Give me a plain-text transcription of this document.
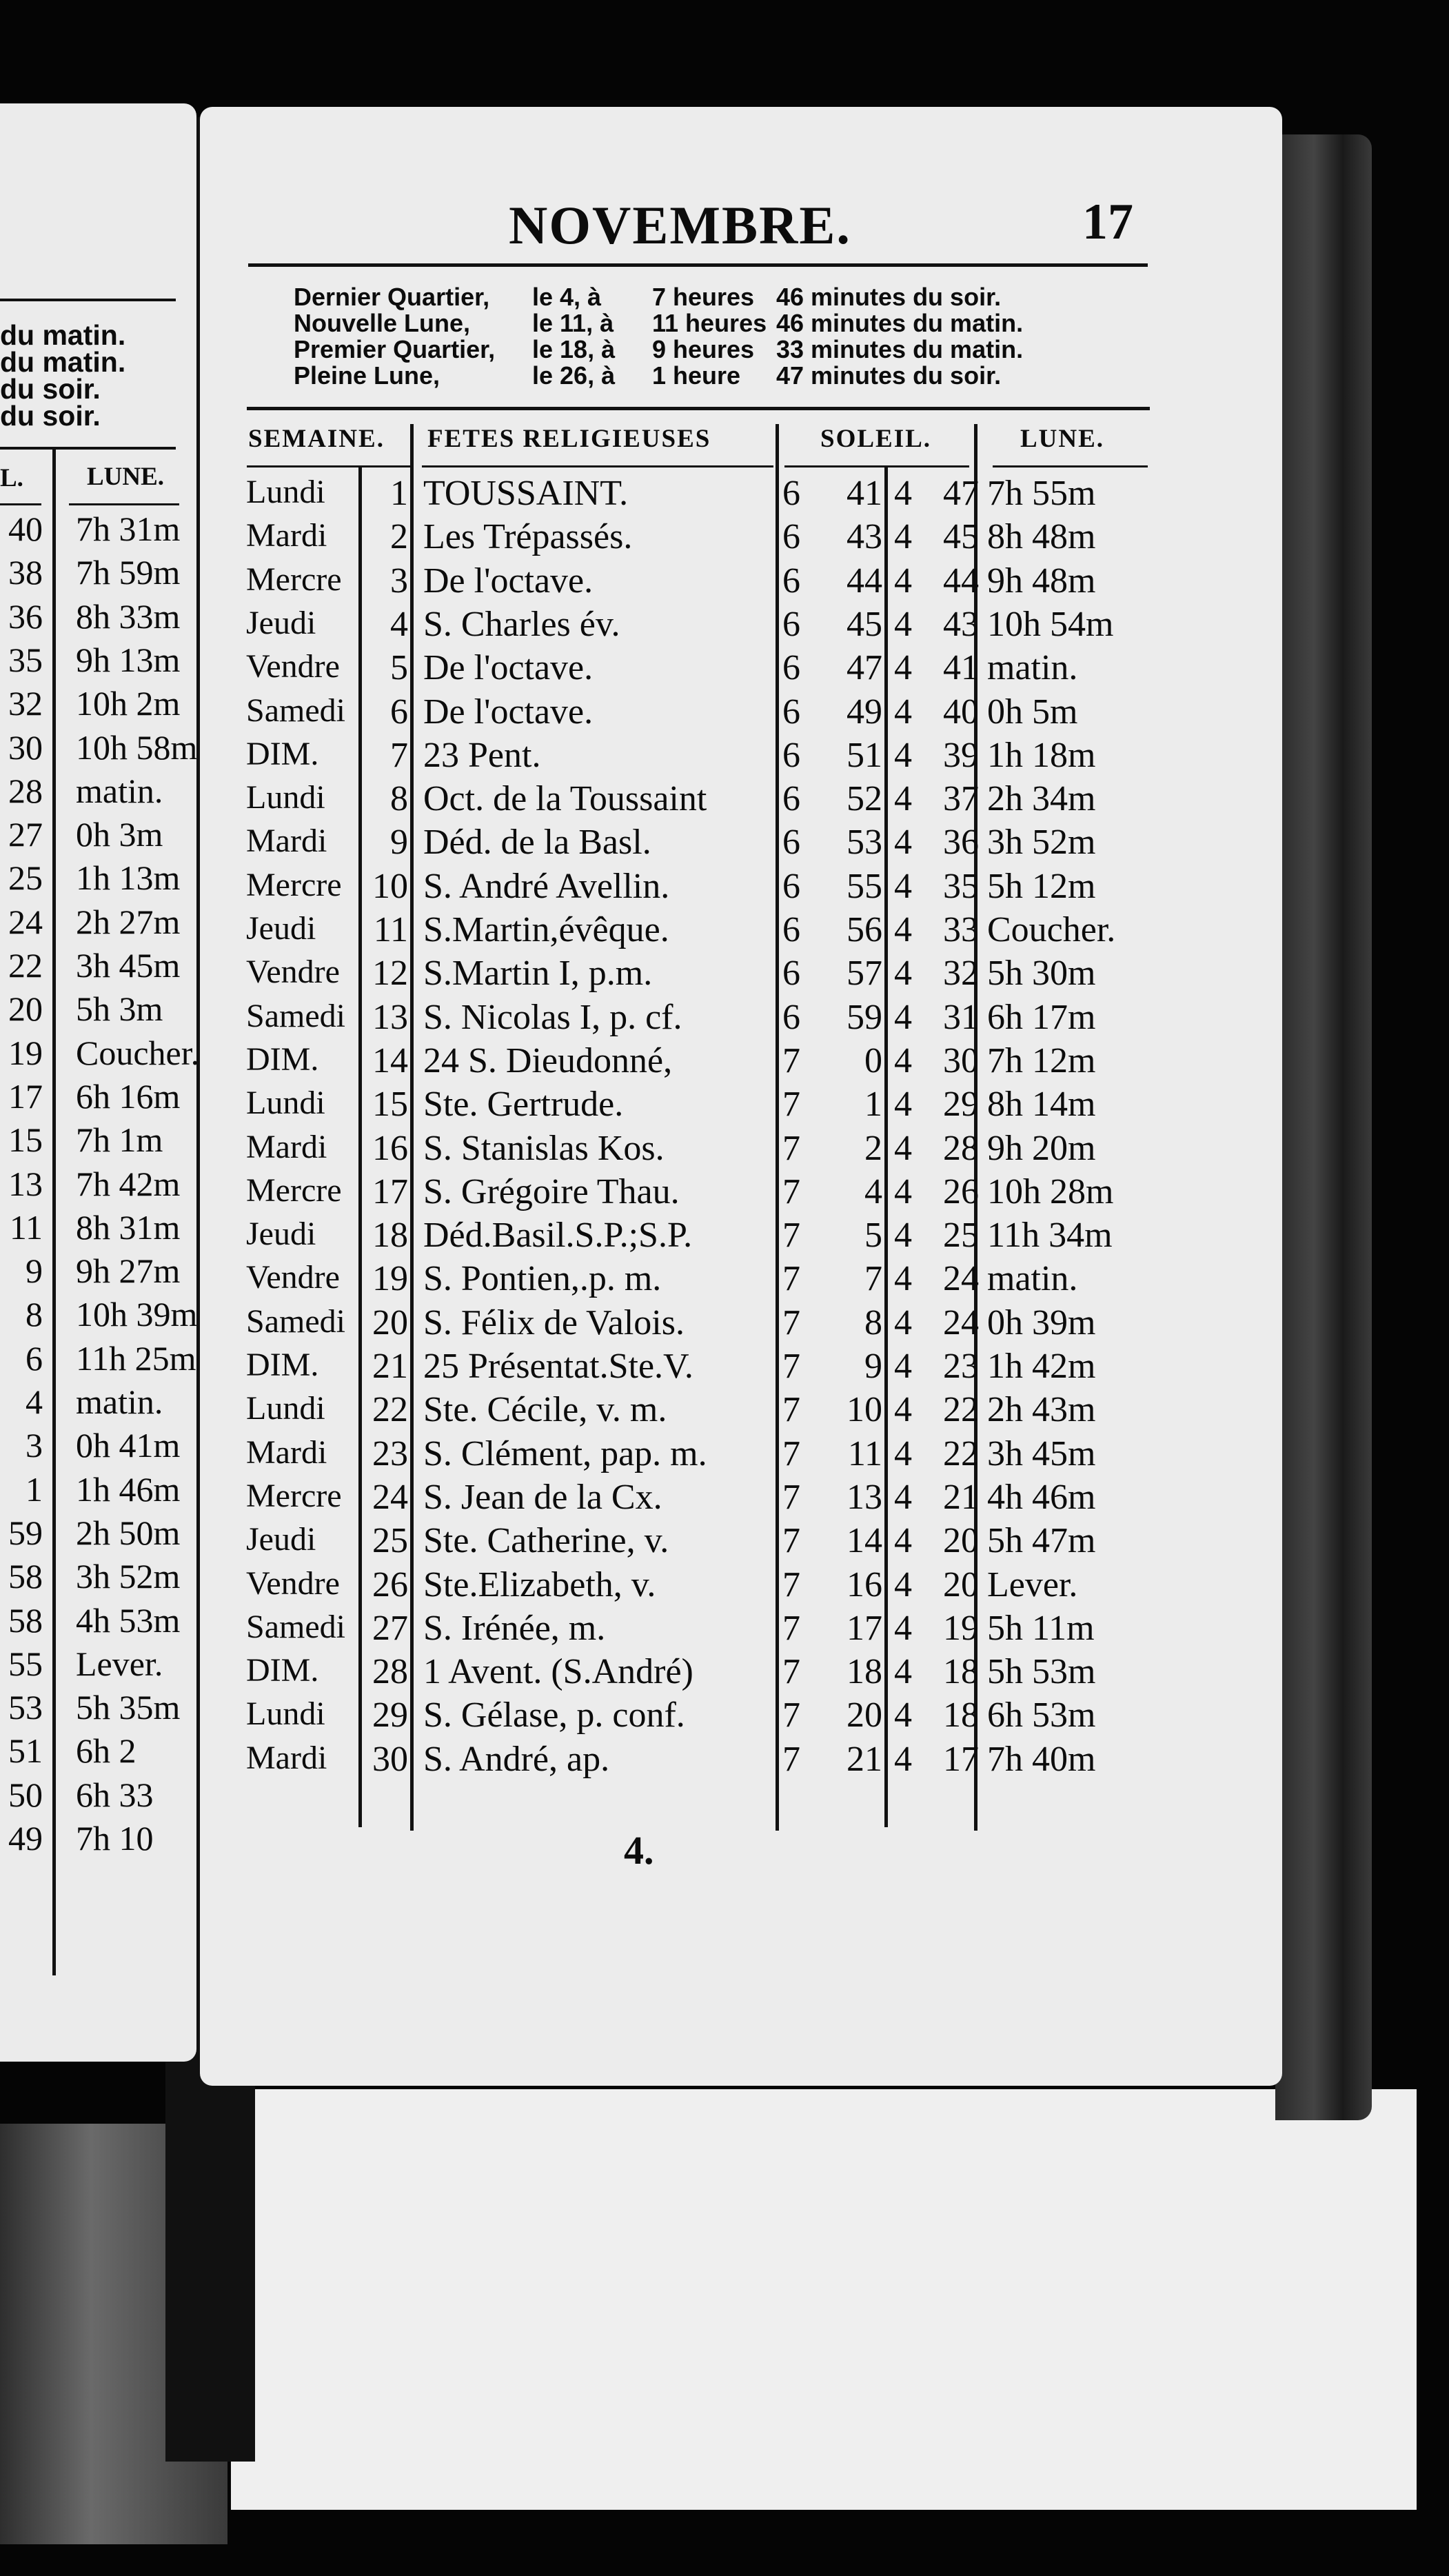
du matin.
du matin.
du soir.
du soir.
L. LUNE.
40 7h 31m
38 7h 59m
36 8h 33m
35 9h 13m
32 10h 2m
30 10h 58m
28 matin.
27 0h 3m
25 1h 13m
24 2h 27m
22 3h 45m
20 5h 3m
19 Coucher.
17 6h 16m
15 7h 1m
13 7h 42m
11 8h 31m
9 9h 27m
8 10h 39m
6 11h 25m
4 matin.
3 0h 41m
1 1h 46m
59 2h 50m
58 3h 52m
58 4h 53m
55 Lever.
53 5h 35m
51 6h 2
50 6h 33
49 7h 10
NOVEMBRE.	17
Dernier Quartier, le 4, à 7 heures 46 minutes du soir.
Nouvelle Lune, le 11, à 11 heures 46 minutes du matin.
Premier Quartier, le 18, à 9 heures 33 minutes du matin.
Pleine Lune,	le 26, à 1 heure 47 minutes du soir.
SEMAINE. FETES RELIGIEUSES	SOLEIL.	LUNE.
Lundi	1 TOUSSAINT.	6	41 4 47 7h 55m
Mardi	2 Les Trépassés.	6	43 4 45 8h 48m
Mercre	3 De l'octave.	6	44 4 44 9h 48m
Jeudi	4 S. Charles év.	6	45 4 43 10h 54m
Vendre	5 De l'octave.	6	47 4 41 matin.
Samedi	6 De l'octave.	6	49 4 40 0h 5m
DIM.	7 23 Pent.	6	51 4 39 1h 18m
Lundi	8 Oct. de la Toussaint 6	52 4 37 2h 34m
Mardi	9 Déd. de la Basl.	6	53 4 36 3h 52m
Mercre 10 S. André Avellin.	6	55 4 35 5h 12m
Jeudi	11 S.Martin,évêque.	6	56 4 33 Coucher.
Vendre 12 S.Martin I, p.m.	6	57 4 32 5h 30m
Samedi 13 S. Nicolas I, p. cf.	6	59 4 31 6h 17m
DIM.	14 24 S. Dieudonné,	7	0 4 30 7h 12m
Lundi	15 Ste. Gertrude.	7	1 4 29 8h 14m
Mardi	16 S. Stanislas Kos.	7	2 4 28 9h 20m
Mercre 17 S. Grégoire Thau.	7	4 4 26 10h 28m
Jeudi	18 Déd.Basil.S.P.;S.P.	7	5 4 25 11h 34m
Vendre 19 S. Pontien,.p. m.	7	7 4 24 matin.
Samedi 20 S. Félix de Valois.	7	8 4 24 0h 39m
DIM.	21 25 Présentat.Ste.V. 7	9 4 23 1h 42m
Lundi	22 Ste. Cécile, v. m.	7	10 4 22 2h 43m
Mardi	23 S. Clément, pap. m. 7	11 4 22 3h 45m
Mercre 24 S. Jean de la Cx.	7	13 4 21 4h 46m
Jeudi	25 Ste. Catherine, v.	7	14 4 20 5h 47m
Vendre 26 Ste.Elizabeth, v.	7	16 4 20 Lever.
Samedi 27 S. Irénée, m.	7	17 4 19 5h 11m
DIM.	28 1 Avent. (S.André) 7	18 4 18 5h 53m
Lundi	29 S. Gélase, p. conf.	7	20 4 18 6h 53m
Mardi	30 S. André, ap.	7	21 4 17 7h 40m
4.
